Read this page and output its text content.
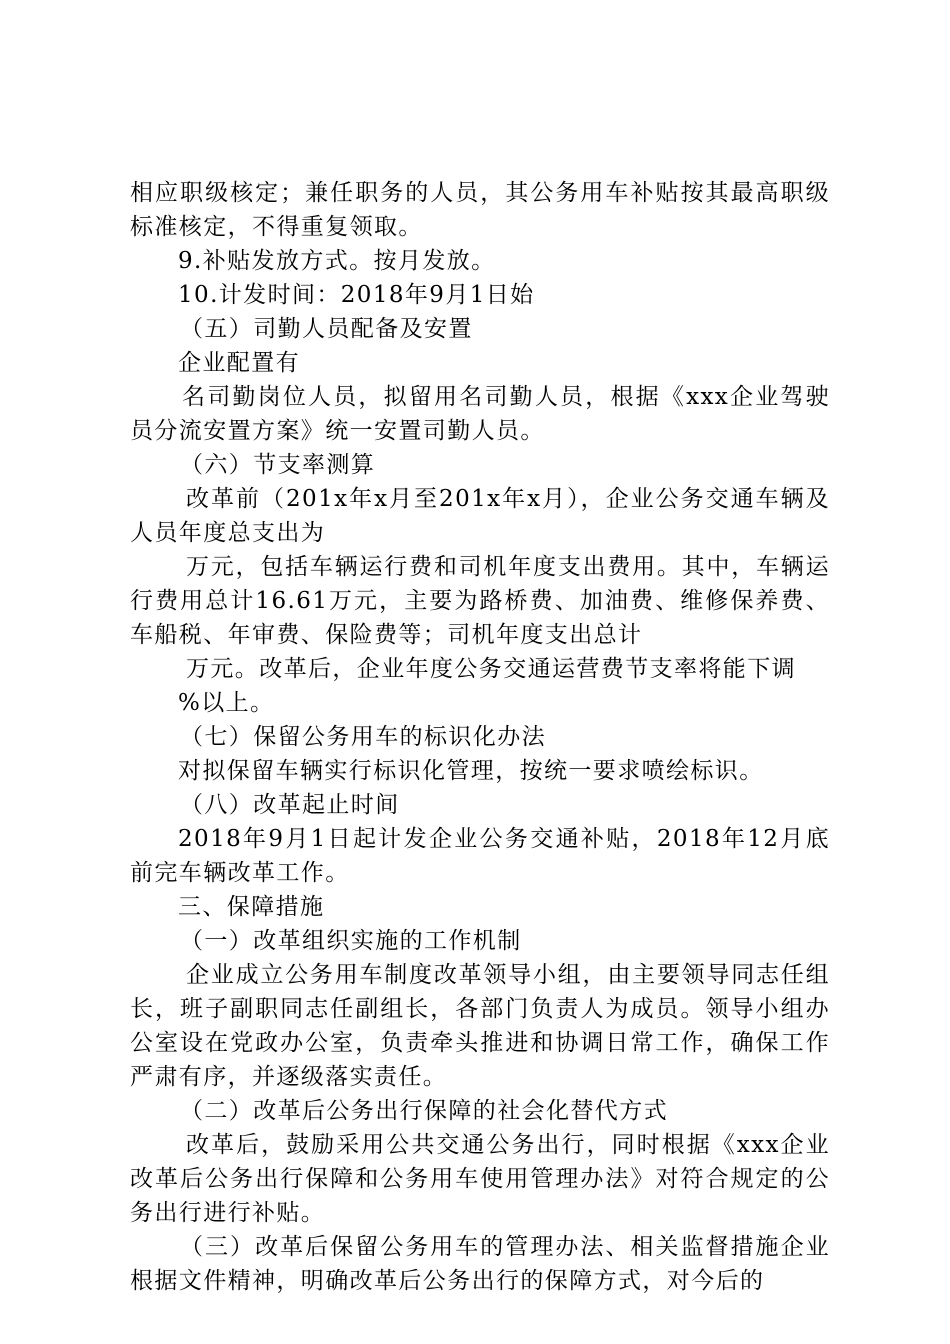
相应职级核定；兼任职务的人员，其公务用车补贴按其最高职级标准核定，不得重复领取。

9.补贴发放方式。按月发放。

10.计发时间：2018年9月1日始

（五）司勤人员配备及安置

企业配置有

名司勤岗位人员，拟留用名司勤人员，根据《xxx企业驾驶员分流安置方案》统一安置司勤人员。

（六）节支率测算

改革前（201x年x月至201x年x月），企业公务交通车辆及人员年度总支出为

万元，包括车辆运行费和司机年度支出费用。其中，车辆运行费用总计16.61万元，主要为路桥费、加油费、维修保养费、车船税、年审费、保险费等；司机年度支出总计

万元。改革后，企业年度公务交通运营费节支率将能下调

%以上。

（七）保留公务用车的标识化办法

对拟保留车辆实行标识化管理，按统一要求喷绘标识。

（八）改革起止时间

2018年9月1日起计发企业公务交通补贴，2018年12月底前完车辆改革工作。

三、保障措施

（一）改革组织实施的工作机制

企业成立公务用车制度改革领导小组，由主要领导同志任组长，班子副职同志任副组长，各部门负责人为成员。领导小组办公室设在党政办公室，负责牵头推进和协调日常工作，确保工作严肃有序，并逐级落实责任。

（二）改革后公务出行保障的社会化替代方式

改革后，鼓励采用公共交通公务出行，同时根据《xxx企业改革后公务出行保障和公务用车使用管理办法》对符合规定的公务出行进行补贴。

（三）改革后保留公务用车的管理办法、相关监督措施企业根据文件精神，明确改革后公务出行的保障方式，对今后的
